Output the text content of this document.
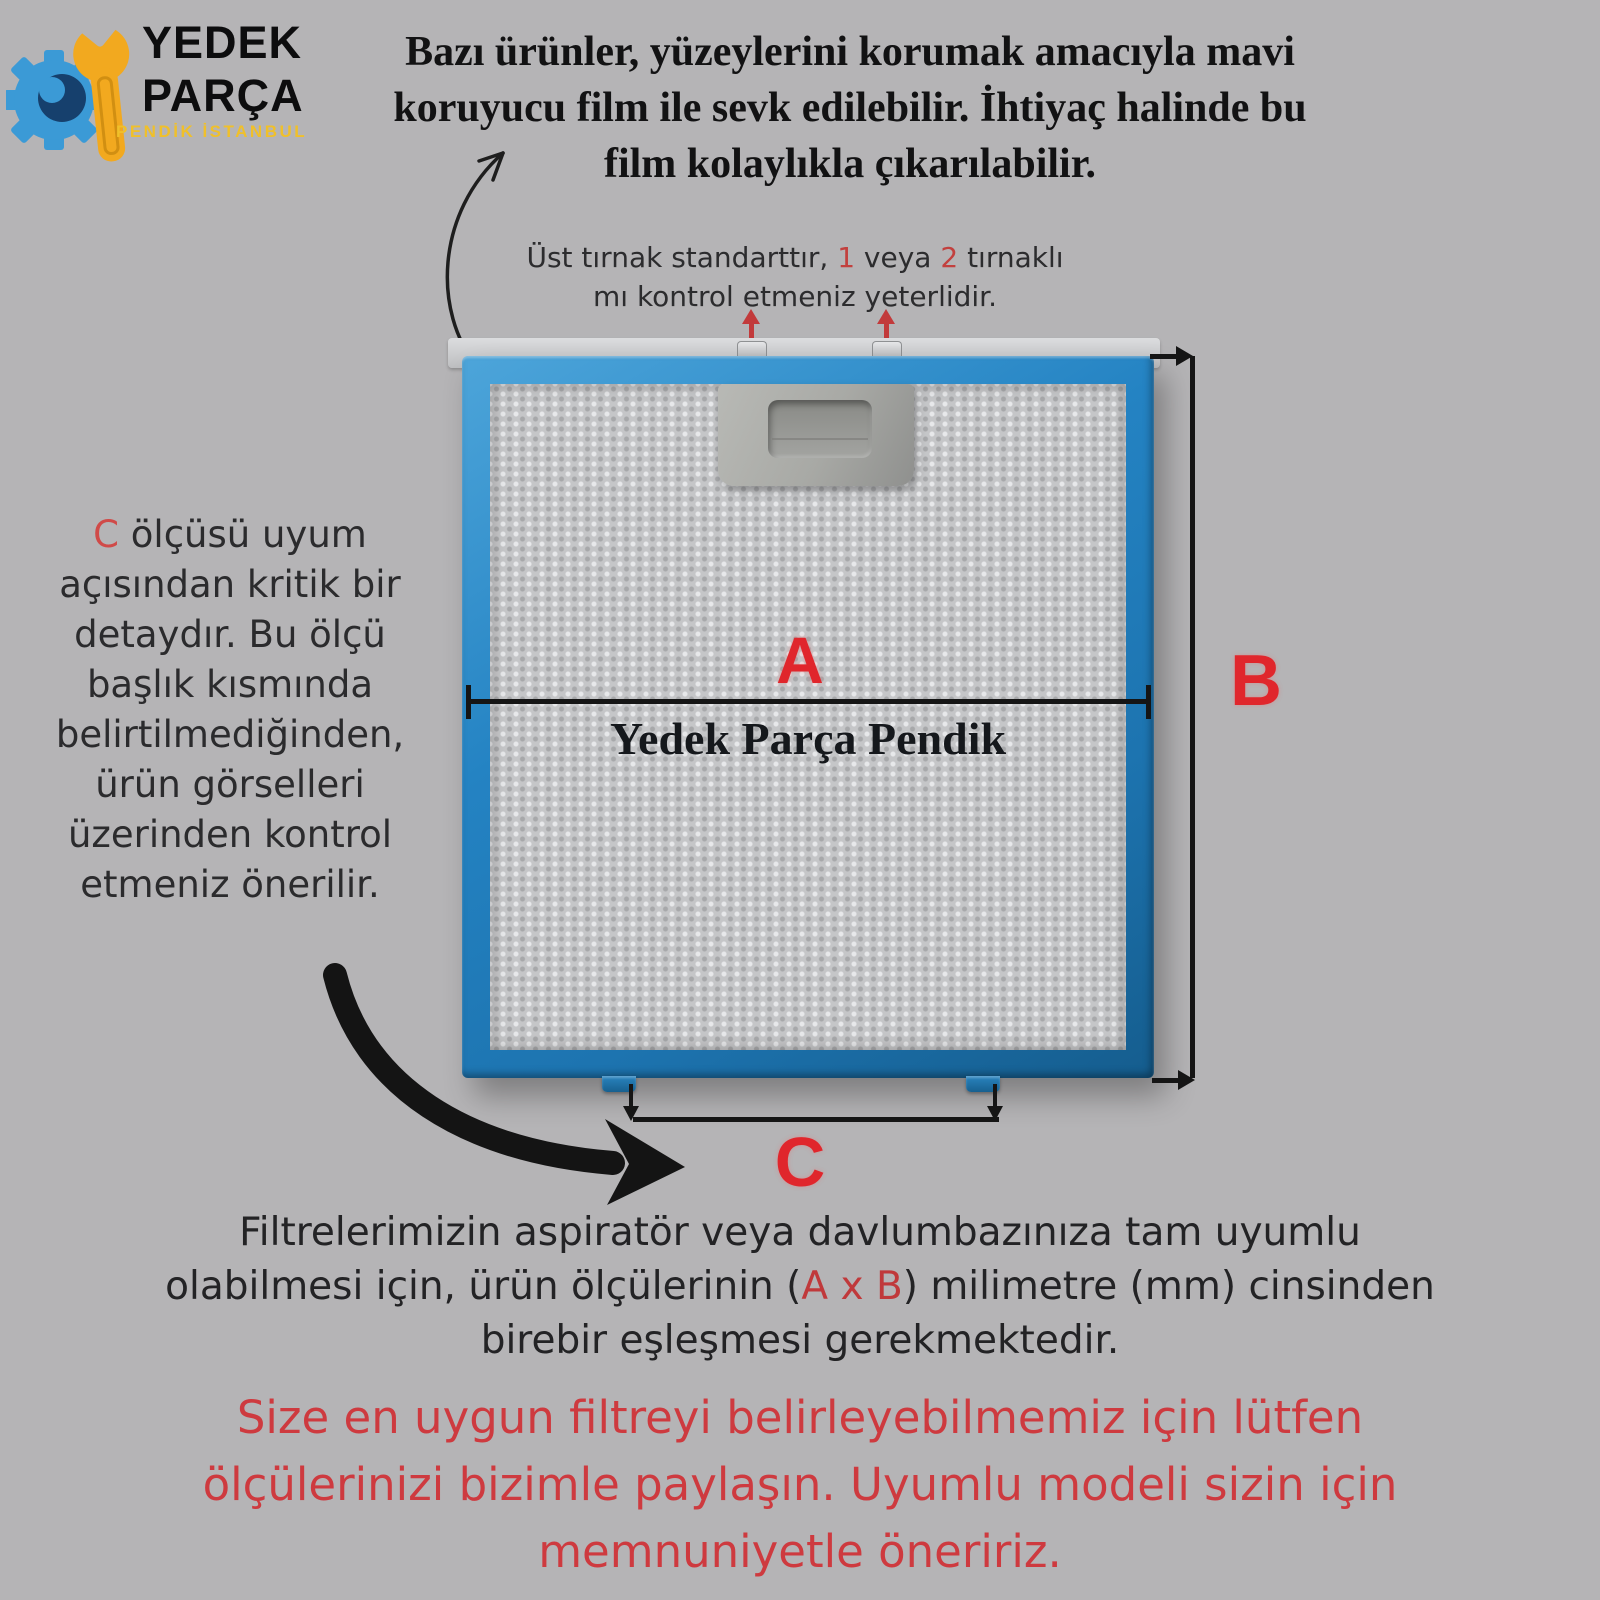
YEDEK
PARÇA
PENDİK İSTANBUL
Bazı ürünler, yüzeylerini korumak amacıyla mavi
koruyucu film ile sevk edilebilir. İhtiyaç halinde bu
film kolaylıkla çıkarılabilir.
Üst tırnak standarttır, 1 veya 2 tırnaklı
mı kontrol etmeniz yeterlidir.
A
Yedek Parça Pendik
B
C
C ölçüsü uyum
açısından kritik bir
detaydır. Bu ölçü
başlık kısmında
belirtilmediğinden,
ürün görselleri
üzerinden kontrol
etmeniz önerilir.
Filtrelerimizin aspiratör veya davlumbazınıza tam uyumlu
olabilmesi için, ürün ölçülerinin (A x B) milimetre (mm) cinsinden
birebir eşleşmesi gerekmektedir.
Size en uygun filtreyi belirleyebilmemiz için lütfen
ölçülerinizi bizimle paylaşın. Uyumlu modeli sizin için
memnuniyetle öneririz.
